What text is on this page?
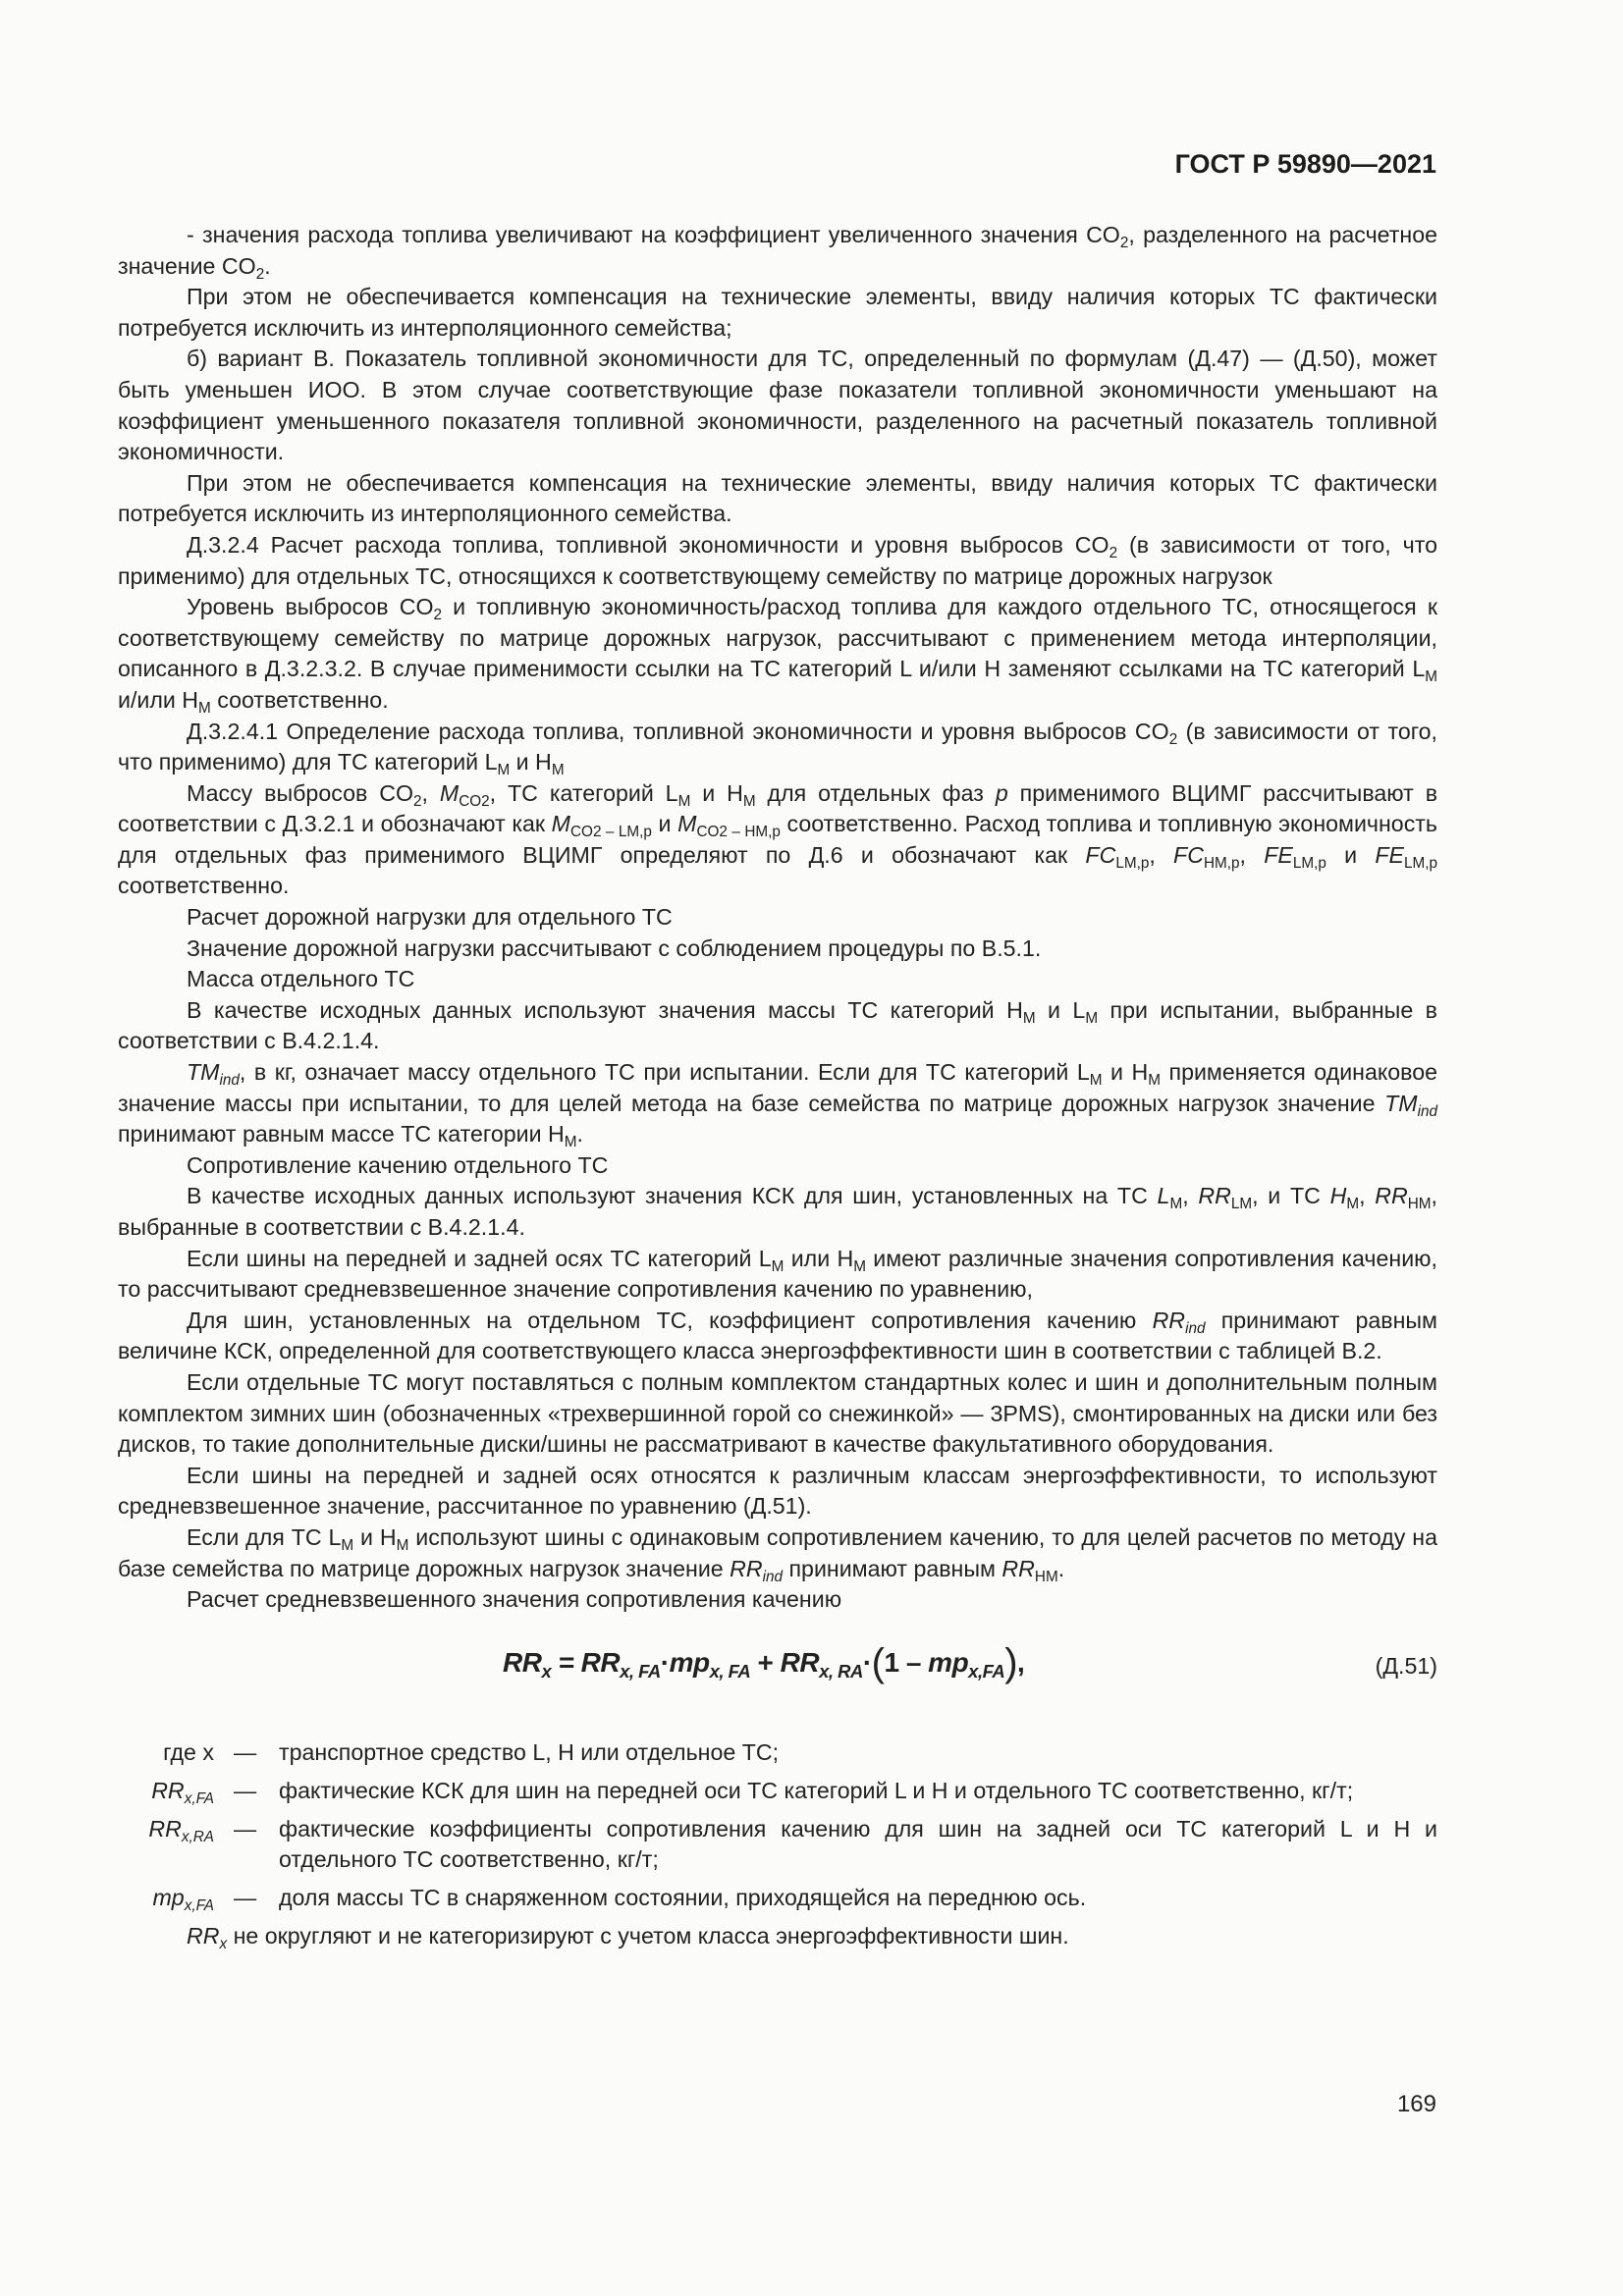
ГОСТ Р 59890—2021

- значения расхода топлива увеличивают на коэффициент увеличенного значения $CO_2$, разделенного на расчетное значение $CO_2$.

При этом не обеспечивается компенсация на технические элементы, ввиду наличия которых ТС фактически потребуется исключить из интерполяционного семейства;

б) вариант В. Показатель топливной экономичности для ТС, определенный по формулам (Д.47) — (Д.50), может быть уменьшен ИОО. В этом случае соответствующие фазе показатели топливной экономичности уменьшают на коэффициент уменьшенного показателя топливной экономичности, разделенного на расчетный показатель топливной экономичности.

При этом не обеспечивается компенсация на технические элементы, ввиду наличия которых ТС фактически потребуется исключить из интерполяционного семейства.

Д.3.2.4 Расчет расхода топлива, топливной экономичности и уровня выбросов $CO_2$ (в зависимости от того, что применимо) для отдельных ТС, относящихся к соответствующему семейству по матрице дорожных нагрузок

Уровень выбросов $CO_2$ и топливную экономичность/расход топлива для каждого отдельного ТС, относящегося к соответствующему семейству по матрице дорожных нагрузок, рассчитывают с применением метода интерполяции, описанного в Д.3.2.3.2. В случае применимости ссылки на ТС категорий L и/или H заменяют ссылками на ТС категорий $L_M$ и/или $H_M$ соответственно.

Д.3.2.4.1 Определение расхода топлива, топливной экономичности и уровня выбросов $CO_2$ (в зависимости от того, что применимо) для ТС категорий $L_M$ и $H_M$

Массу выбросов $CO_2$, $M_{CO2}$, ТС категорий $L_M$ и $H_M$ для отдельных фаз p применимого ВЦИМГ рассчитывают в соответствии с Д.3.2.1 и обозначают как $M_{CO2 - LM,p}$ и $M_{CO2 - HM,p}$ соответственно. Расход топлива и топливную экономичность для отдельных фаз применимого ВЦИМГ определяют по Д.6 и обозначают как $FC_{LM,p}$, $FC_{HM,p}$, $FE_{LM,p}$ и $FE_{LM,p}$ соответственно.

Расчет дорожной нагрузки для отдельного ТС

Значение дорожной нагрузки рассчитывают с соблюдением процедуры по В.5.1.

Масса отдельного ТС

В качестве исходных данных используют значения массы ТС категорий $H_M$ и $L_M$ при испытании, выбранные в соответствии с В.4.2.1.4.

$TM_{ind}$, в кг, означает массу отдельного ТС при испытании. Если для ТС категорий $L_M$ и $H_M$ применяется одинаковое значение массы при испытании, то для целей метода на базе семейства по матрице дорожных нагрузок значение $TM_{ind}$ принимают равным массе ТС категории $H_M$.

Сопротивление качению отдельного ТС

В качестве исходных данных используют значения КСК для шин, установленных на ТС $L_M$, $RR_{LM}$, и ТС $H_M$, $RR_{HM}$, выбранные в соответствии с В.4.2.1.4.

Если шины на передней и задней осях ТС категорий $L_M$ или $H_M$ имеют различные значения сопротивления качению, то рассчитывают средневзвешенное значение сопротивления качению по уравнению,

Для шин, установленных на отдельном ТС, коэффициент сопротивления качению $RR_{ind}$ принимают равным величине КСК, определенной для соответствующего класса энергоэффективности шин в соответствии с таблицей В.2.

Если отдельные ТС могут поставляться с полным комплектом стандартных колес и шин и дополнительным полным комплектом зимних шин (обозначенных «трехвершинной горой со снежинкой» — 3PMS), смонтированных на диски или без дисков, то такие дополнительные диски/шины не рассматривают в качестве факультативного оборудования.

Если шины на передней и задней осях относятся к различным классам энергоэффективности, то используют средневзвешенное значение, рассчитанное по уравнению (Д.51).

Если для ТС $L_M$ и $H_M$ используют шины с одинаковым сопротивлением качению, то для целей расчетов по методу на базе семейства по матрице дорожных нагрузок значение $RR_{ind}$ принимают равным $RR_{HM}$.

Расчет средневзвешенного значения сопротивления качению

$RR_x = RR_{x, FA}\cdot mp_{x, FA} + RR_{x, RA}\cdot(1 - mp_{x,FA})$,	(Д.51)
где x	—	транспортное средство L, H или отдельное ТС;
$RR_{x,FA}$	—	фактические КСК для шин на передней оси ТС категорий L и H и отдельного ТС соответственно, кг/т;
$RR_{x,RA}$	—	фактические коэффициенты сопротивления качению для шин на задней оси ТС категорий L и H и отдельного ТС соответственно, кг/т;
$mp_{x,FA}$	—	доля массы ТС в снаряженном состоянии, приходящейся на переднюю ось.

$RR_x$ не округляют и не категоризируют с учетом класса энергоэффективности шин.

169
